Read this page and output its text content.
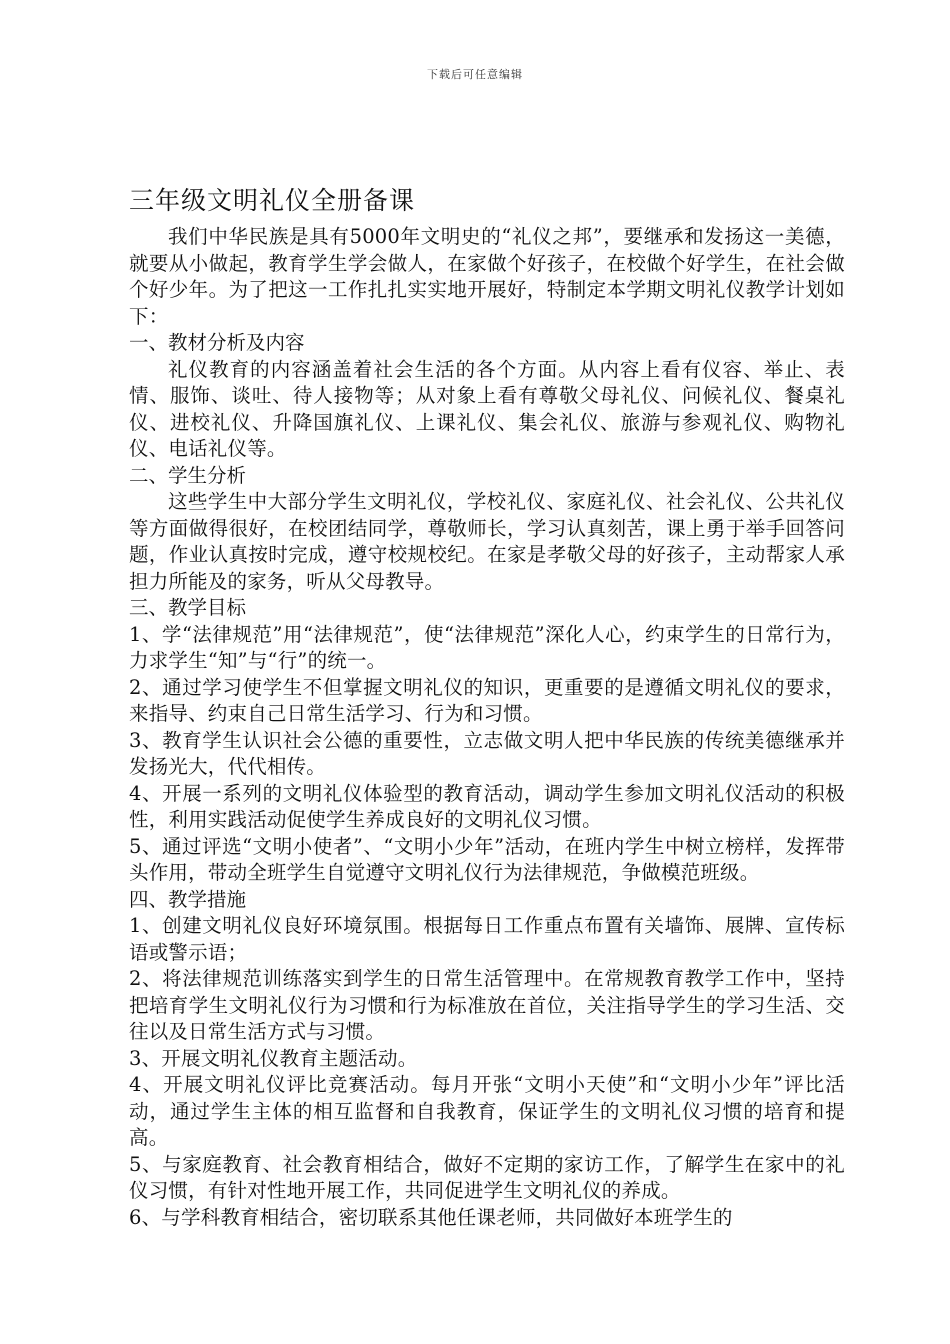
下载后可任意编辑
三年级文明礼仪全册备课

我们中华民族是具有5000年文明史的“礼仪之邦”，要继承和发扬这一美德，就要从小做起，教育学生学会做人，在家做个好孩子，在校做个好学生，在社会做个好少年。为了把这一工作扎扎实实地开展好，特制定本学期文明礼仪教学计划如下：

一、教材分析及内容

礼仪教育的内容涵盖着社会生活的各个方面。从内容上看有仪容、举止、表情、服饰、谈吐、待人接物等；从对象上看有尊敬父母礼仪、问候礼仪、餐桌礼仪、进校礼仪、升降国旗礼仪、上课礼仪、集会礼仪、旅游与参观礼仪、购物礼仪、电话礼仪等。

二、学生分析

这些学生中大部分学生文明礼仪，学校礼仪、家庭礼仪、社会礼仪、公共礼仪等方面做得很好，在校团结同学，尊敬师长，学习认真刻苦，课上勇于举手回答问题，作业认真按时完成，遵守校规校纪。在家是孝敬父母的好孩子，主动帮家人承担力所能及的家务，听从父母教导。

三、教学目标

1、学“法律规范”用“法律规范”，使“法律规范”深化人心，约束学生的日常行为，力求学生“知”与“行”的统一。

2、通过学习使学生不但掌握文明礼仪的知识，更重要的是遵循文明礼仪的要求，来指导、约束自己日常生活学习、行为和习惯。

3、教育学生认识社会公德的重要性，立志做文明人把中华民族的传统美德继承并发扬光大，代代相传。

4、开展一系列的文明礼仪体验型的教育活动，调动学生参加文明礼仪活动的积极性，利用实践活动促使学生养成良好的文明礼仪习惯。

5、通过评选“文明小使者”、“文明小少年”活动，在班内学生中树立榜样，发挥带头作用，带动全班学生自觉遵守文明礼仪行为法律规范，争做模范班级。

四、教学措施

1、创建文明礼仪良好环境氛围。根据每日工作重点布置有关墙饰、展牌、宣传标语或警示语；

2、将法律规范训练落实到学生的日常生活管理中。在常规教育教学工作中，坚持把培育学生文明礼仪行为习惯和行为标准放在首位，关注指导学生的学习生活、交往以及日常生活方式与习惯。

3、开展文明礼仪教育主题活动。

4、开展文明礼仪评比竞赛活动。每月开张“文明小天使”和“文明小少年”评比活动，通过学生主体的相互监督和自我教育，保证学生的文明礼仪习惯的培育和提高。

5、与家庭教育、社会教育相结合，做好不定期的家访工作，了解学生在家中的礼仪习惯，有针对性地开展工作，共同促进学生文明礼仪的养成。

6、与学科教育相结合，密切联系其他任课老师，共同做好本班学生的
